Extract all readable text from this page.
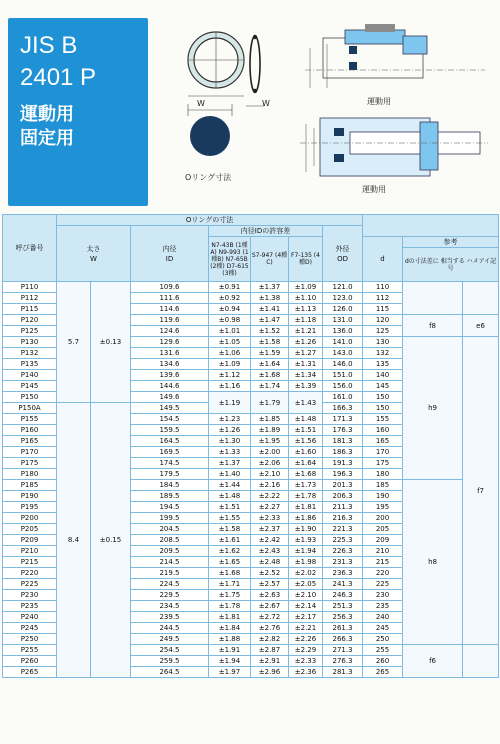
JIS B
2401 P
運動用
固定用
W	W
Oリング寸法
運動用
運動用
呼び番号	Oリングの寸法									
	太さ
W		内径
ID	内径IDの許容差			外径
OD			
				N7-43B (1種A) N9-993 (1種B) N7-65B (2種) D7-615 (3種)	S7-947 (4種C)	F7-135 (4種D)		d	参考	
									dの寸法差に 相当する ハメアイ記号	
P110	5.7	±0.13	109.6	±0.91	±1.37	±1.09	121.0	110		
P112			111.6	±0.92	±1.38	±1.10	123.0	112		
P115			114.6	±0.94	±1.41	±1.13	126.0	115		
P120			119.6	±0.98	±1.47	±1.18	131.0	120	f8	e6
P125			124.6	±1.01	±1.52	±1.21	136.0	125		
P130			129.6	±1.05	±1.58	±1.26	141.0	130	h9	f7
P132			131.6	±1.06	±1.59	±1.27	143.0	132		
P135			134.6	±1.09	±1.64	±1.31	146.0	135		
P140			139.6	±1.12	±1.68	±1.34	151.0	140		
P145			144.6	±1.16	±1.74	±1.39	156.0	145		
P150			149.6	±1.19	±1.79	±1.43	161.0	150		
P150A	8.4	±0.15	149.5				166.3	150		
P155			154.5	±1.23	±1.85	±1.48	171.3	155		
P160			159.5	±1.26	±1.89	±1.51	176.3	160		
P165			164.5	±1.30	±1.95	±1.56	181.3	165		
P170			169.5	±1.33	±2.00	±1.60	186.3	170		
P175			174.5	±1.37	±2.06	±1.64	191.3	175		
P180			179.5	±1.40	±2.10	±1.68	196.3	180		
P185			184.5	±1.44	±2.16	±1.73	201.3	185	h8	
P190			189.5	±1.48	±2.22	±1.78	206.3	190		
P195			194.5	±1.51	±2.27	±1.81	211.3	195		
P200			199.5	±1.55	±2.33	±1.86	216.3	200		
P205			204.5	±1.58	±2.37	±1.90	221.3	205		
P209			208.5	±1.61	±2.42	±1.93	225.3	209		
P210			209.5	±1.62	±2.43	±1.94	226.3	210		
P215			214.5	±1.65	±2.48	±1.98	231.3	215		
P220			219.5	±1.68	±2.52	±2.02	236.3	220		
P225			224.5	±1.71	±2.57	±2.05	241.3	225		
P230			229.5	±1.75	±2.63	±2.10	246.3	230		
P235			234.5	±1.78	±2.67	±2.14	251.3	235		
P240			239.5	±1.81	±2.72	±2.17	256.3	240		
P245			244.5	±1.84	±2.76	±2.21	261.3	245		
P250			249.5	±1.88	±2.82	±2.26	266.3	250		
P255			254.5	±1.91	±2.87	±2.29	271.3	255	f6	
P260			259.5	±1.94	±2.91	±2.33	276.3	260		
P265			264.5	±1.97	±2.96	±2.36	281.3	265		
